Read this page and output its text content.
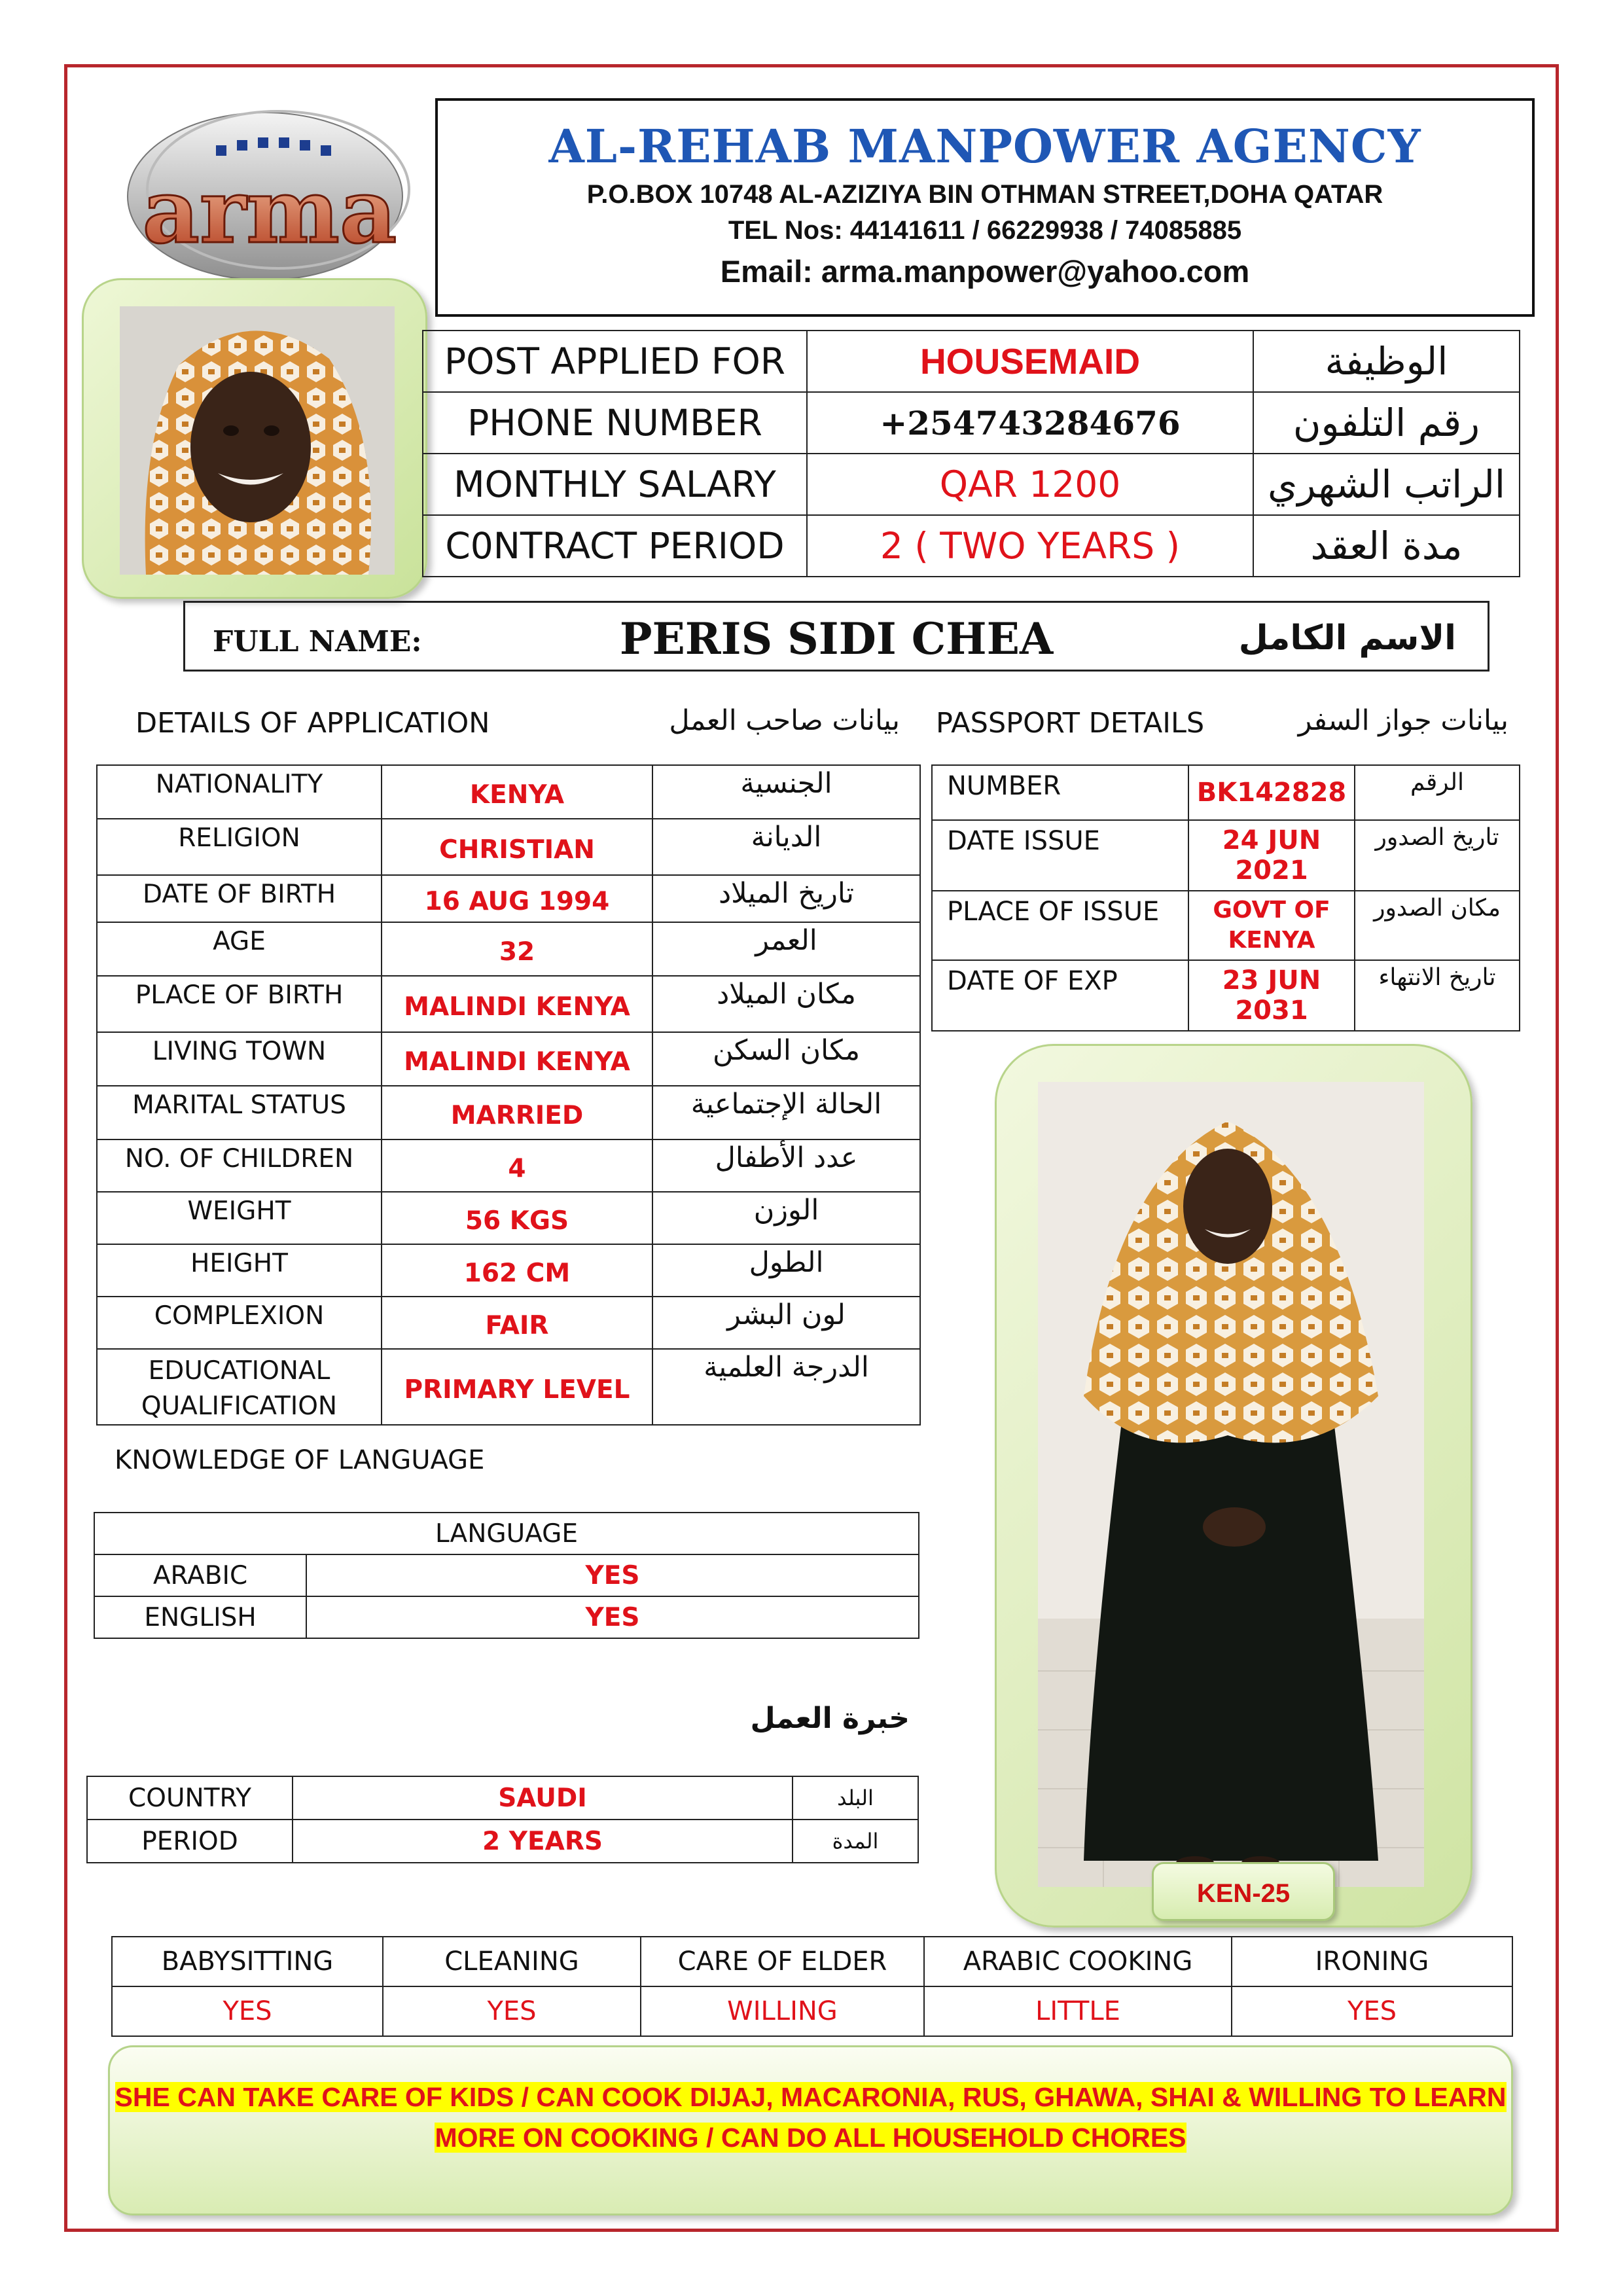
arma
AL-REHAB MANPOWER AGENCY
P.O.BOX 10748 AL-AZIZIYA BIN OTHMAN STREET,DOHA QATAR
TEL Nos: 44141611 / 66229938 / 74085885
Email: arma.manpower@yahoo.com
POST APPLIED FOR	HOUSEMAID	الوظيفة
PHONE NUMBER	+254743284676	رقم التلفون
MONTHLY SALARY	QAR 1200	الراتب الشهري
C0NTRACT PERIOD	2 ( TWO YEARS )	مدة العقد
FULL NAME:	PERIS SIDI CHEA	الاسم الكامل
DETAILS OF APPLICATION	بيانات صاحب العمل PASSPORT DETAILS	بيانات جواز السفر
NATIONALITY	KENYA	الجنسية
RELIGION	CHRISTIAN	الديانة
DATE OF BIRTH	16 AUG 1994	تاريخ الميلاد
AGE	32	العمر
PLACE OF BIRTH	MALINDI KENYA	مكان الميلاد
LIVING TOWN	MALINDI KENYA	مكان السكن
MARITAL STATUS	MARRIED	الحالة الإجتماعية
NO. OF CHILDREN	4	عدد الأطفال
WEIGHT	56 KGS	الوزن
HEIGHT	162 CM	الطول
COMPLEXION	FAIR	لون البشر
EDUCATIONAL QUALIFICATION	PRIMARY LEVEL	الدرجة العلمية
NUMBER	BK142828	الرقم
DATE ISSUE	24 JUN 2021	تاريخ الصدور
PLACE OF ISSUE	GOVT OF KENYA	مكان الصدور
DATE OF EXP	23 JUN 2031	تاريخ الانتهاء
KEN-25
KNOWLEDGE OF LANGUAGE
LANGUAGE	
ARABIC	YES
ENGLISH	YES
خبرة العمل
COUNTRY	SAUDI	البلد
PERIOD	2 YEARS	المدة
BABYSITTING	CLEANING	CARE OF ELDER	ARABIC COOKING	IRONING
YES	YES	WILLING	LITTLE	YES
SHE CAN TAKE CARE OF KIDS / CAN COOK DIJAJ, MACARONIA, RUS, GHAWA, SHAI & WILLING TO LEARN
MORE ON COOKING / CAN DO ALL HOUSEHOLD CHORES
